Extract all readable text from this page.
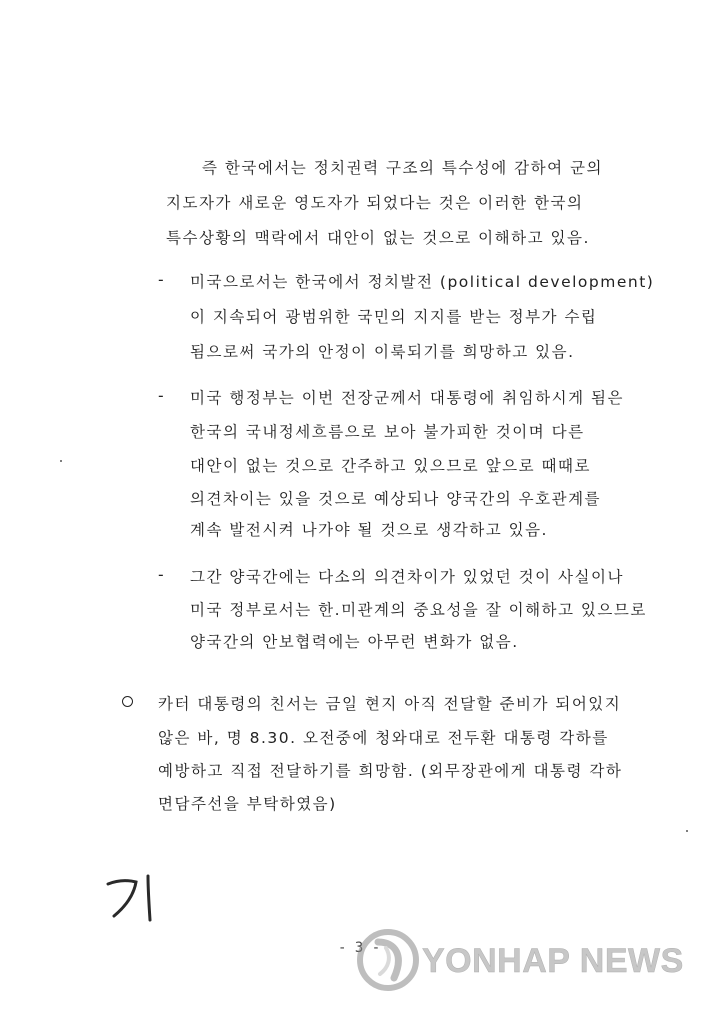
즉 한국에서는 정치권력 구조의 특수성에 감하여 군의

지도자가 새로운 영도자가 되었다는 것은 이러한 한국의

특수상황의 맥락에서 대안이 없는 것으로 이해하고 있음.

- 미국으로서는 한국에서 정치발전 (political development)

이 지속되어 광범위한 국민의 지지를 받는 정부가 수립

됨으로써 국가의 안정이 이룩되기를 희망하고 있음.

- 미국 행정부는 이번 전장군께서 대통령에 취임하시게 됨은

한국의 국내정세흐름으로 보아 불가피한 것이며 다른

대안이 없는 것으로 간주하고 있으므로 앞으로 때때로

의견차이는 있을 것으로 예상되나 양국간의 우호관계를

계속 발전시켜 나가야 될 것으로 생각하고 있음.

- 그간 양국간에는 다소의 의견차이가 있었던 것이 사실이나

미국 정부로서는 한.미관계의 중요성을 잘 이해하고 있으므로

양국간의 안보협력에는 아무런 변화가 없음.

카터 대통령의 친서는 금일 현지 아직 전달할 준비가 되어있지

않은 바, 명 8.30. 오전중에 청와대로 전두환 대통령 각하를

예방하고 직접 전달하기를 희망함. (외무장관에게 대통령 각하

면담주선을 부탁하였음)

- 3 - YONHAP NEWS
